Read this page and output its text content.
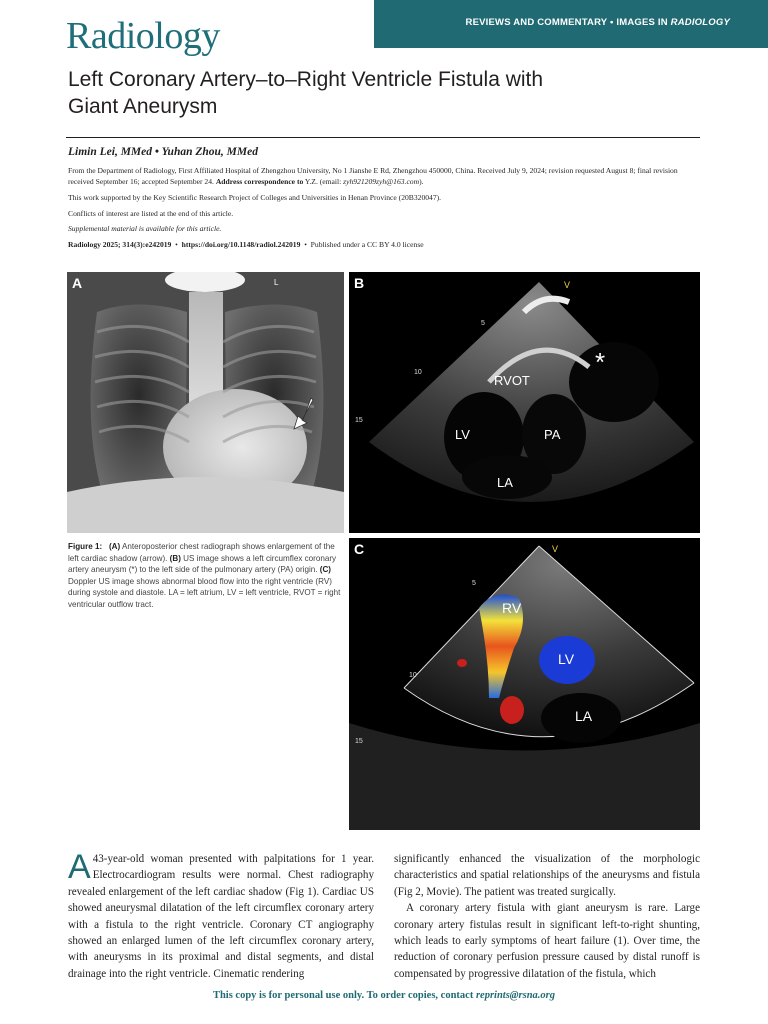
Radiology	REVIEWS AND COMMENTARY • IMAGES IN RADIOLOGY
Left Coronary Artery–to–Right Ventricle Fistula with
Giant Aneurysm
Limin Lei, MMed • Yuhan Zhou, MMed
From the Department of Radiology, First Affiliated Hospital of Zhengzhou University, No 1 Jianshe E Rd, Zhengzhou 450000, China. Received July 9, 2024; revision requested August 8; final revision received September 16; accepted September 24. Address correspondence to Y.Z. (email: zyh921209zyh@163.com).
This work supported by the Key Scientific Research Project of Colleges and Universities in Henan Province (20B320047).
Conflicts of interest are listed at the end of this article.
Supplemental material is available for this article.
Radiology 2025; 314(3):e242019  •  https://doi.org/10.1148/radiol.242019  •  Published under a CC BY 4.0 license
A	L	B	V
5
10
15
RVOT
LV	PA
LA
*
C	V
5
10
15
RV
LV
LA
Figure 1: (A) Anteroposterior chest radiograph shows enlargement of the left cardiac shadow (arrow). (B) US image shows a left circumflex coronary artery aneurysm (*) to the left side of the pulmonary artery (PA) origin. (C) Doppler US image shows abnormal blood flow into the right ventricle (RV) during systole and diastole. LA = left atrium, LV = left ventricle, RVOT = right ventricular outflow tract.
A 43-year-old woman presented with palpitations for 1 year. Electrocardiogram results were normal. Chest radiography revealed enlargement of the left cardiac shadow (Fig 1). Cardiac US showed aneurysmal dilatation of the left circumflex coronary artery with a fistula to the right ventricle. Coronary CT angiography showed an enlarged lumen of the left circumflex coronary artery, with aneurysms in its proximal and distal segments, and distal drainage into the right ventricle. Cinematic rendering
significantly enhanced the visualization of the morphologic characteristics and spatial relationships of the aneurysms and fistula (Fig 2, Movie). The patient was treated surgically.
A coronary artery fistula with giant aneurysm is rare. Large coronary artery fistulas result in significant left-to-right shunting, which leads to early symptoms of heart failure (1). Over time, the reduction of coronary perfusion pressure caused by distal runoff is compensated by progressive dilatation of the fistula, which
This copy is for personal use only. To order copies, contact reprints@rsna.org
